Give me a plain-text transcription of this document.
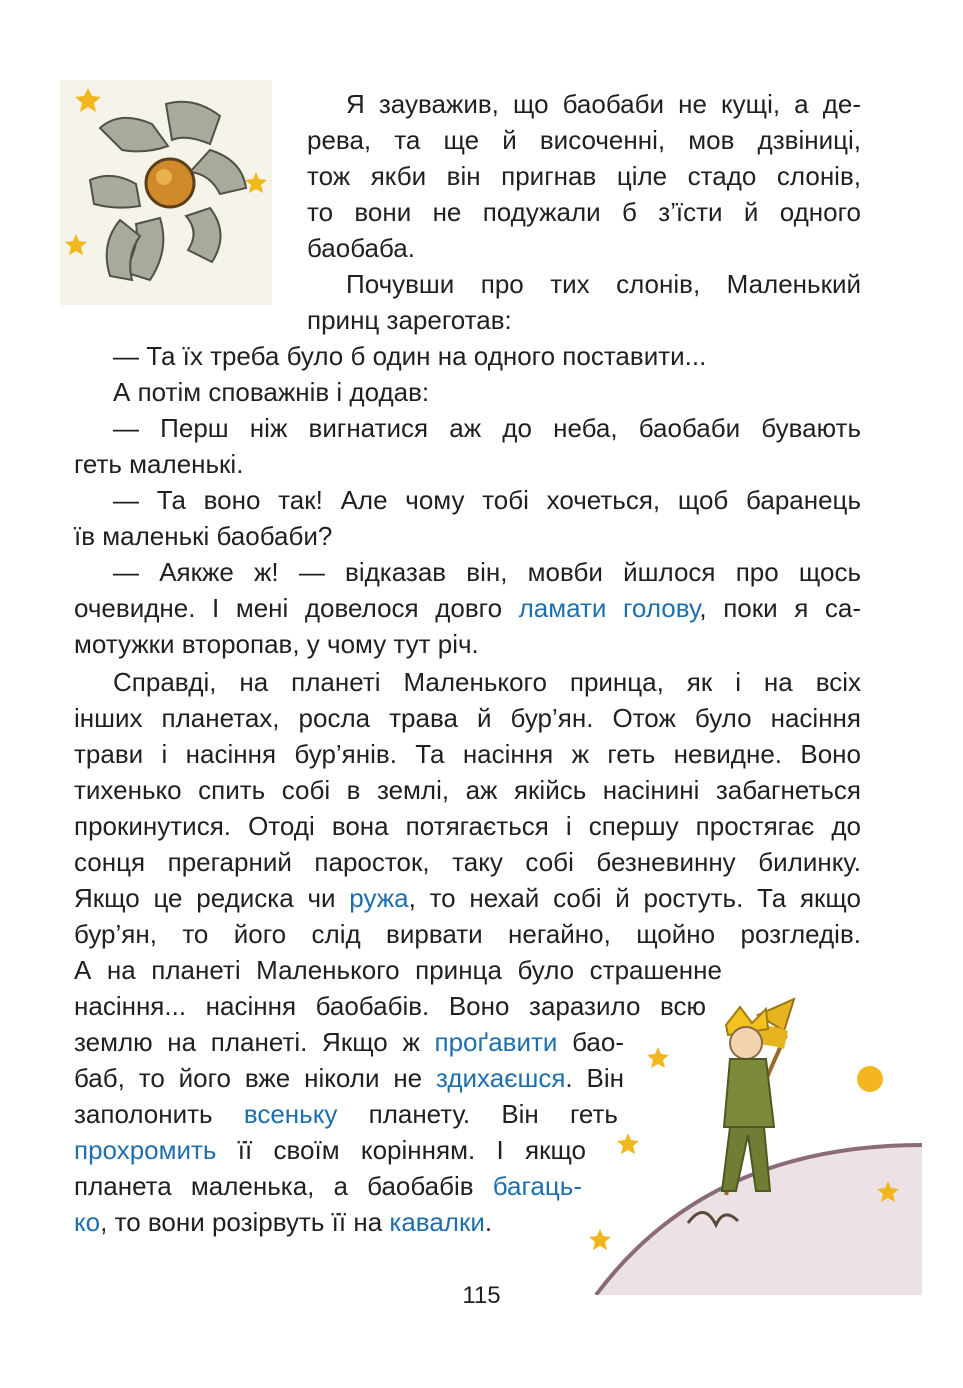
Я зауважив, що баобаби не кущі, а де-
рева, та ще й височенні, мов дзвіниці,
тож якби він пригнав ціле стадо слонів,
то вони не подужали б з’їсти й одного
баобаба.
Почувши про тих слонів, Маленький
принц зареготав:
— Та їх треба було б один на одного поставити...
А потім споважнів і додав:
— Перш ніж вигнатися аж до неба, баобаби бувають
геть маленькі.
— Та воно так! Але чому тобі хочеться, щоб баранець
їв маленькі баобаби?
— Аякже ж! — відказав він, мовби йшлося про щось
очевидне. І мені довелося довго ламати голову, поки я са-
мотужки второпав, у чому тут річ.
Справді, на планеті Маленького принца, як і на всіх
інших планетах, росла трава й бур’ян. Отож було насіння
трави і насіння бур’янів. Та насіння ж геть невидне. Воно
тихенько спить собі в землі, аж якійсь насінині забагнеться
прокинутися. Отоді вона потягається і спершу простягає до
сонця прегарний паросток, таку собі безневинну билинку.
Якщо це редиска чи ружа, то нехай собі й ростуть. Та якщо
бур’ян, то його слід вирвати негайно, щойно розгледів.
А на планеті Маленького принца було страшенне
насіння... насіння баобабів. Воно заразило всю
землю на планеті. Якщо ж проґавити бао-
баб, то його вже ніколи не здихаєшся. Він
заполонить всеньку планету. Він геть
прохромить її своїм корінням. І якщо
планета маленька, а баобабів багаць-
ко, то вони розірвуть її на кавалки.
115
